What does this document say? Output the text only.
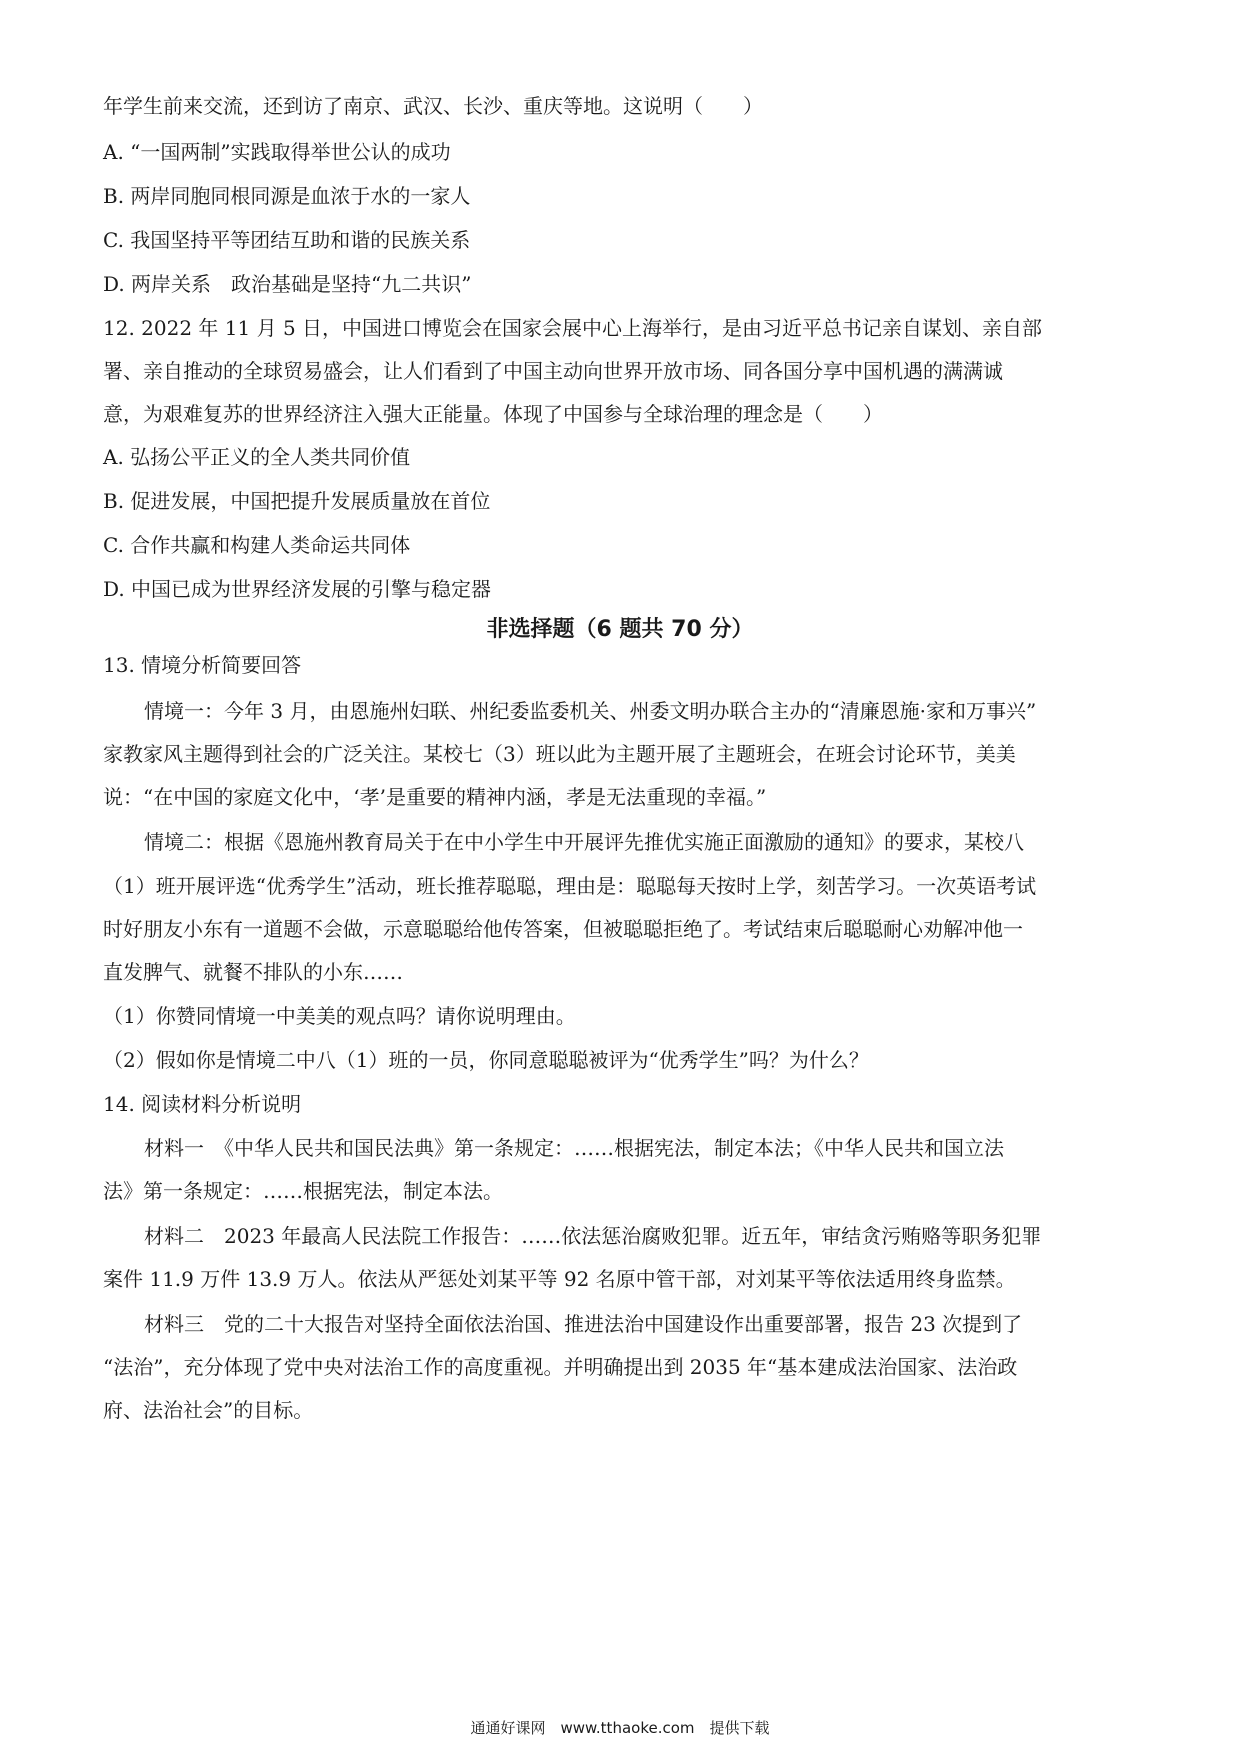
年学生前来交流，还到访了南京、武汉、长沙、重庆等地。这说明（　　）
A. “一国两制”实践取得举世公认的成功
B. 两岸同胞同根同源是血浓于水的一家人
C. 我国坚持平等团结互助和谐的民族关系
D. 两岸关系　政治基础是坚持“九二共识”
12. 2022 年 11 月 5 日，中国进口博览会在国家会展中心上海举行，是由习近平总书记亲自谋划、亲自部
署、亲自推动的全球贸易盛会，让人们看到了中国主动向世界开放市场、同各国分享中国机遇的满满诚
意，为艰难复苏的世界经济注入强大正能量。体现了中国参与全球治理的理念是（　　）
A. 弘扬公平正义的全人类共同价值
B. 促进发展，中国把提升发展质量放在首位
C. 合作共赢和构建人类命运共同体
D. 中国已成为世界经济发展的引擎与稳定器
非选择题（6 题共 70 分）
13. 情境分析简要回答
情境一：今年 3 月，由恩施州妇联、州纪委监委机关、州委文明办联合主办的“清廉恩施·家和万事兴”
家教家风主题得到社会的广泛关注。某校七（3）班以此为主题开展了主题班会，在班会讨论环节，美美
说：“在中国的家庭文化中，‘孝’是重要的精神内涵，孝是无法重现的幸福。”
情境二：根据《恩施州教育局关于在中小学生中开展评先推优实施正面激励的通知》的要求，某校八
（1）班开展评选“优秀学生”活动，班长推荐聪聪，理由是：聪聪每天按时上学，刻苦学习。一次英语考试
时好朋友小东有一道题不会做，示意聪聪给他传答案，但被聪聪拒绝了。考试结束后聪聪耐心劝解冲他一
直发脾气、就餐不排队的小东……
（1）你赞同情境一中美美的观点吗？请你说明理由。
（2）假如你是情境二中八（1）班的一员，你同意聪聪被评为“优秀学生”吗？为什么？
14. 阅读材料分析说明
材料一　《中华人民共和国民法典》第一条规定：……根据宪法，制定本法；《中华人民共和国立法
法》第一条规定：……根据宪法，制定本法。
材料二　2023 年最高人民法院工作报告：……依法惩治腐败犯罪。近五年，审结贪污贿赂等职务犯罪
案件 11.9 万件 13.9 万人。依法从严惩处刘某平等 92 名原中管干部，对刘某平等依法适用终身监禁。
材料三　党的二十大报告对坚持全面依法治国、推进法治中国建设作出重要部署，报告 23 次提到了
“法治”，充分体现了党中央对法治工作的高度重视。并明确提出到 2035 年“基本建成法治国家、法治政
府、法治社会”的目标。
通通好课网　www.tthaoke.com　提供下载
